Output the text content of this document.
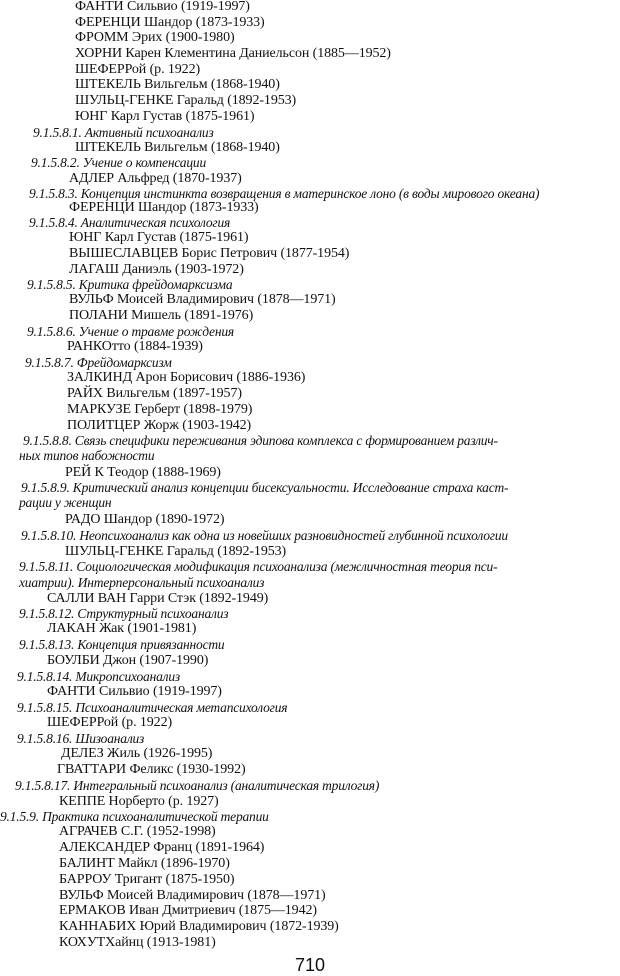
ФАНТИ Сильвио (1919-1997)
ФЕРЕНЦИ Шандор (1873-1933)
ФРОММ Эрих (1900-1980)
ХОРНИ Карен Клементина Даниельсон (1885—1952)
ШЕФЕРРой (р. 1922)
ШТЕКЕЛЬ Вильгельм (1868-1940)
ШУЛЬЦ-ГЕНКЕ Гаральд (1892-1953)
ЮНГ Карл Густав (1875-1961)
9.1.5.8.1. Активный психоанализ
ШТЕКЕЛЬ Вильгельм (1868-1940)
9.1.5.8.2. Учение о компенсации
АДЛЕР Альфред (1870-1937)
9.1.5.8.3. Концепция инстинкта возвращения в материнское лоно (в воды мирового океана)
ФЕРЕНЦИ Шандор (1873-1933)
9.1.5.8.4. Аналитическая психология
ЮНГ Карл Густав (1875-1961)
ВЫШЕСЛАВЦЕВ Борис Петрович (1877-1954)
ЛАГАШ Даниэль (1903-1972)
9.1.5.8.5. Критика фрейдомарксизма
ВУЛЬФ Моисей Владимирович (1878—1971)
ПОЛАНИ Мишель (1891-1976)
9.1.5.8.6. Учение о травме рождения
РАНКОтто (1884-1939)
9.1.5.8.7. Фрейдомарксизм
ЗАЛКИНД Арон Борисович (1886-1936)
РАЙХ Вильгельм (1897-1957)
МАРКУЗЕ Герберт (1898-1979)
ПОЛИТЦЕР Жорж (1903-1942)
9.1.5.8.8. Связь специфики переживания эдипова комплекса с формированием различ-
ных типов набожности
РЕЙ К Теодор (1888-1969)
9.1.5.8.9. Критический анализ концепции бисексуальности. Исследование страха каст-
рации у женщин
РАДО Шандор (1890-1972)
9.1.5.8.10. Неопсихоанализ как одна из новейших разновидностей глубинной психологии
ШУЛЬЦ-ГЕНКЕ Гаральд (1892-1953)
9.1.5.8.11. Социологическая модификация психоанализа (межличностная теория пси-
хиатрии). Интерперсональный психоанализ
САЛЛИ ВАН Гарри Стэк (1892-1949)
9.1.5.8.12. Структурный психоанализ
ЛАКАН Жак (1901-1981)
9.1.5.8.13. Концепция привязанности
БОУЛБИ Джон (1907-1990)
9.1.5.8.14. Микропсихоанализ
ФАНТИ Сильвио (1919-1997)
9.1.5.8.15. Психоаналитическая метапсихология
ШЕФЕРРой (р. 1922)
9.1.5.8.16. Шизоанализ
ДЕЛЕЗ Жиль (1926-1995)
ГВАТТАРИ Феликс (1930-1992)
9.1.5.8.17. Интегральный психоанализ (аналитическая трилогия)
КЕППЕ Норберто (р. 1927)
9.1.5.9. Практика психоаналитической терапии
АГРАЧЕВ С.Г. (1952-1998)
АЛЕКСАНДЕР Франц (1891-1964)
БАЛИНТ Майкл (1896-1970)
БАРРОУ Тригант (1875-1950)
ВУЛЬФ Моисей Владимирович (1878—1971)
ЕРМАКОВ Иван Дмитриевич (1875—1942)
КАННАБИХ Юрий Владимирович (1872-1939)
КОХУТХайнц (1913-1981)
710
